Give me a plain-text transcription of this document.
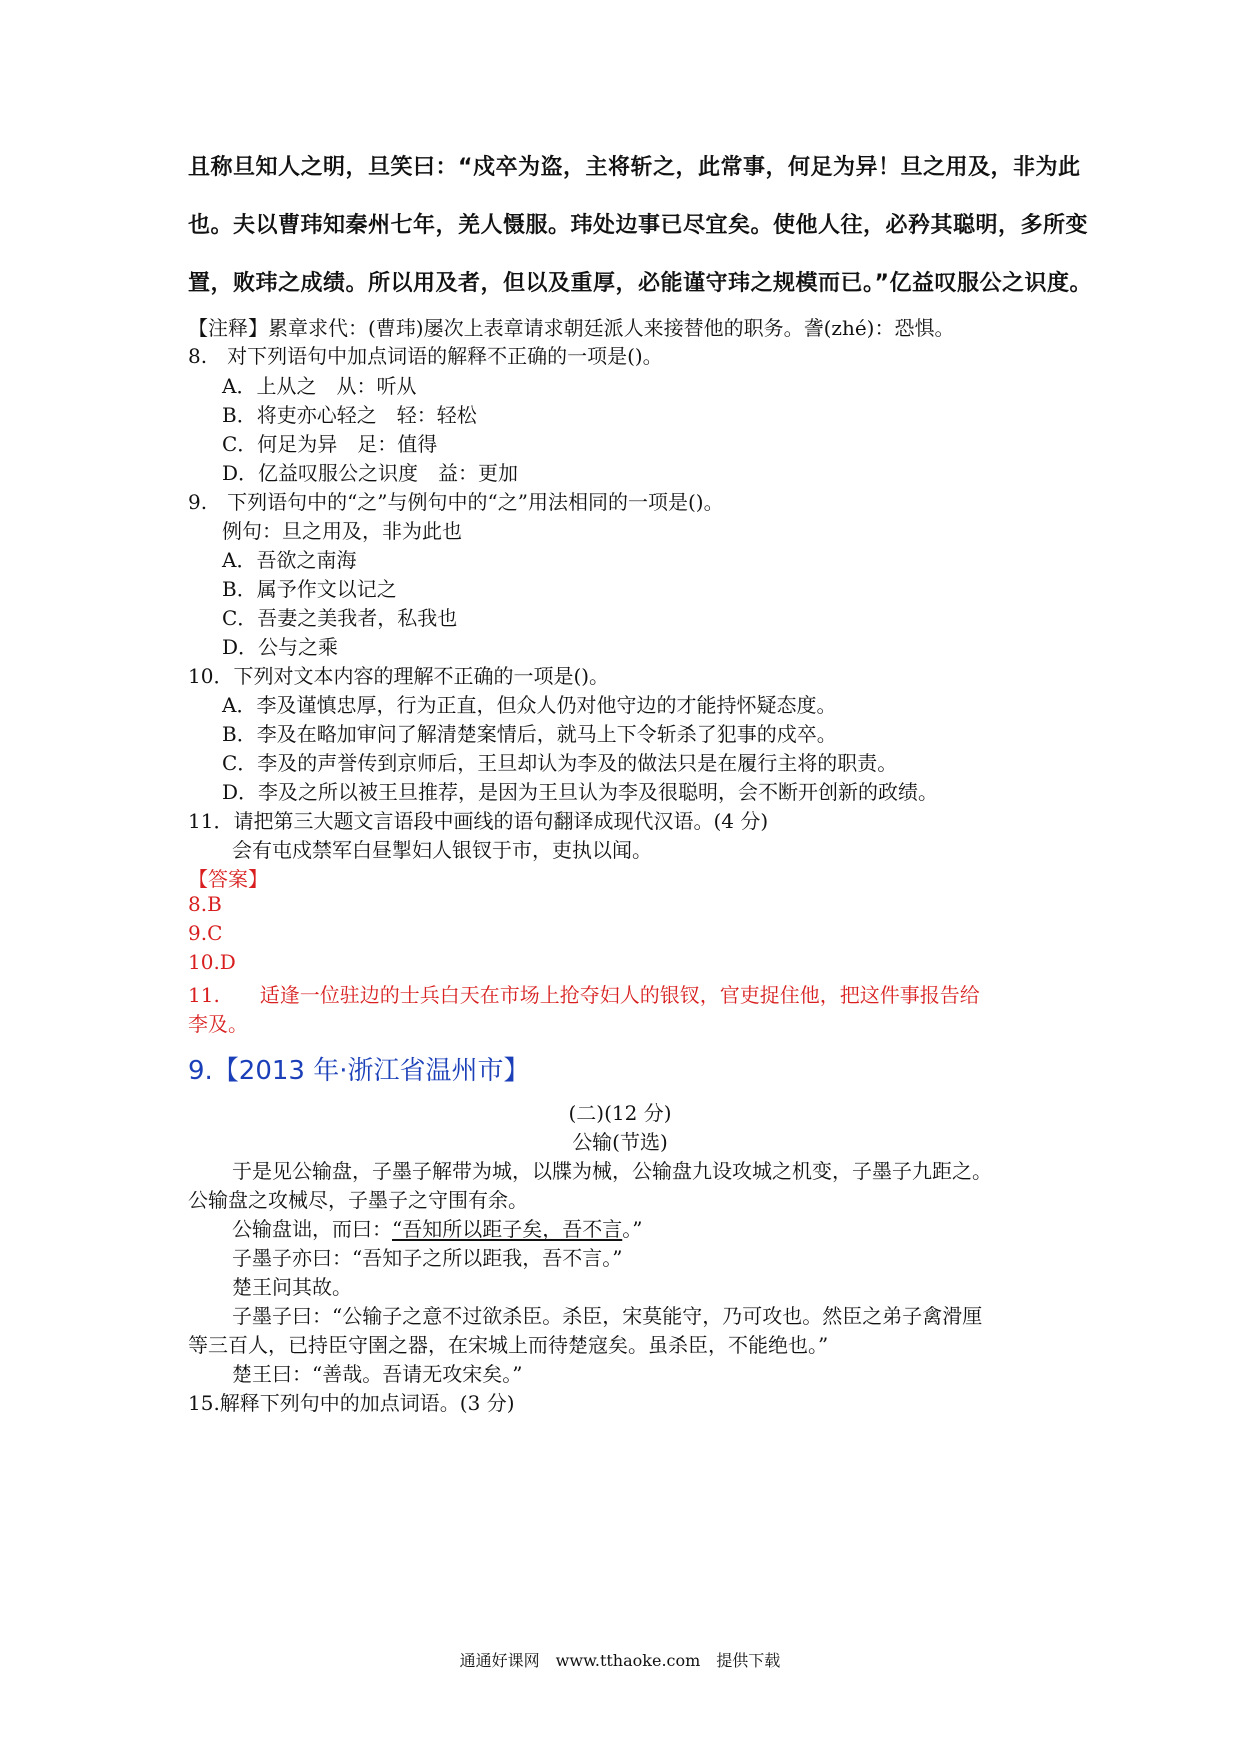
且称旦知人之明，旦笑曰：“戍卒为盗，主将斩之，此常事，何足为异！旦之用及，非为此
也。夫以曹玮知秦州七年，羌人慑服。玮处边事已尽宜矣。使他人往，必矜其聪明，多所变
置，败玮之成绩。所以用及者，但以及重厚，必能谨守玮之规模而已。”亿益叹服公之识度。
【注释】累章求代：(曹玮)屡次上表章请求朝廷派人来接替他的职务。詟(zhé)：恐惧。
8.　对下列语句中加点词语的解释不正确的一项是()。
A．上从之　从：听从
B．将吏亦心轻之　轻：轻松
C．何足为异　足：值得
D．亿益叹服公之识度　益：更加
9.　下列语句中的“之”与例句中的“之”用法相同的一项是()。
例句：旦之用及，非为此也
A．吾欲之南海
B．属予作文以记之
C．吾妻之美我者，私我也
D．公与之乘
10．下列对文本内容的理解不正确的一项是()。
A．李及谨慎忠厚，行为正直，但众人仍对他守边的才能持怀疑态度。
B．李及在略加审问了解清楚案情后，就马上下令斩杀了犯事的戍卒。
C．李及的声誉传到京师后，王旦却认为李及的做法只是在履行主将的职责。
D．李及之所以被王旦推荐，是因为王旦认为李及很聪明，会不断开创新的政绩。
11．请把第三大题文言语段中画线的语句翻译成现代汉语。(4 分)
会有屯戍禁军白昼掣妇人银钗于市，吏执以闻。
【答案】
8.B
9.C
10.D
11.　　适逢一位驻边的士兵白天在市场上抢夺妇人的银钗，官吏捉住他，把这件事报告给
李及。
9.【2013 年·浙江省温州市】
(二)(12 分)
公输(节选)
于是见公输盘，子墨子解带为城，以牒为械，公输盘九设攻城之机变，子墨子九距之。
公输盘之攻械尽，子墨子之守围有余。
公输盘诎，而曰：“吾知所以距子矣，吾不言。”
子墨子亦曰：“吾知子之所以距我，吾不言。”
楚王问其故。
子墨子曰：“公输子之意不过欲杀臣。杀臣，宋莫能守，乃可攻也。然臣之弟子禽滑厘
等三百人，已持臣守圉之器，在宋城上而待楚寇矣。虽杀臣，不能绝也。”
楚王曰：“善哉。吾请无攻宋矣。”
15.解释下列句中的加点词语。(3 分)
通通好课网　www.tthaoke.com　提供下载
